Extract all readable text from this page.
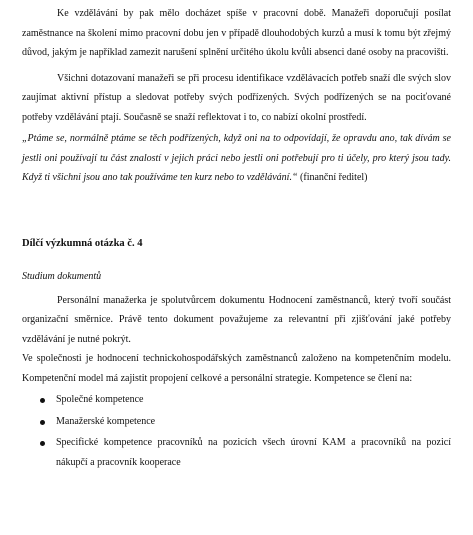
Ke vzdělávání by pak mělo docházet spíše v pracovní době. Manažeři doporučují posílat zaměstnance na školení mimo pracovní dobu jen v případě dlouhodobých kurzů a musí k tomu být zřejmý důvod, jakým je například zamezit narušení splnění určitého úkolu kvůli absenci dané osoby na pracovišti.

Všichni dotazovaní manažeři se při procesu identifikace vzdělávacích potřeb snaží dle svých slov zaujímat aktivní přístup a sledovat potřeby svých podřízených. Svých podřízených se na pociťované potřeby vzdělávání ptají. Současně se snaží reflektovat i to, co nabízí okolní prostředí.

„Ptáme se, normálně ptáme se těch podřízených, když oni na to odpovídají, že opravdu ano, tak dívám se jestli oni používají tu část znalostí v jejich práci nebo jestli oni potřebují pro ti účely, pro který jsou tady. Když ti všichni jsou ano tak používáme ten kurz nebo to vzdělávání.“ (finanční ředitel)

Dílčí výzkumná otázka č. 4

Studium dokumentů

Personální manažerka je spolutvůrcem dokumentu Hodnocení zaměstnanců, který tvoří součást organizační směrnice. Právě tento dokument považujeme za relevantní při zjišťování jaké potřeby vzdělávání je nutné pokrýt.

Ve společnosti je hodnocení technickohospodářských zaměstnanců založeno na kompetenčním modelu. Kompetenční model má zajistit propojení celkové a personální strategie. Kompetence se člení na:

Společné kompetence
Manažerské kompetence
Specifické kompetence pracovníků na pozicích všech úrovní KAM a pracovníků na pozicí nákupčí a pracovník kooperace
